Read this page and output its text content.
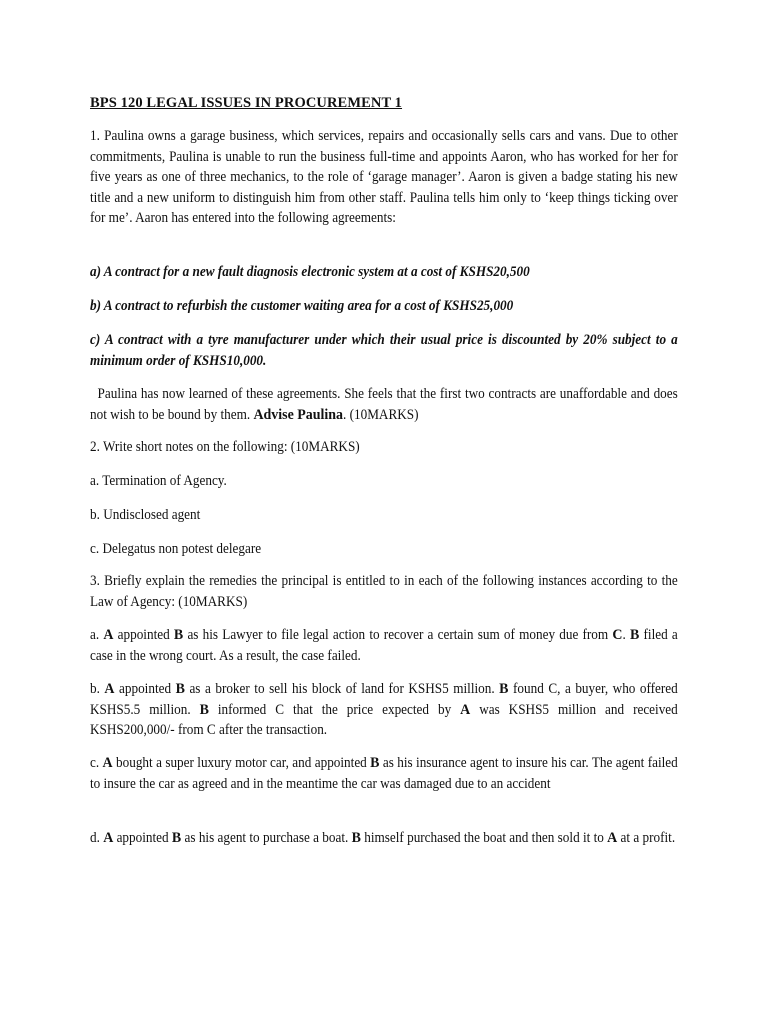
BPS 120 LEGAL ISSUES IN PROCUREMENT 1
1. Paulina owns a garage business, which services, repairs and occasionally sells cars and vans. Due to other commitments, Paulina is unable to run the business full-time and appoints Aaron, who has worked for her for five years as one of three mechanics, to the role of ‘garage manager’. Aaron is given a badge stating his new title and a new uniform to distinguish him from other staff. Paulina tells him only to ‘keep things ticking over for me’. Aaron has entered into the following agreements:
a) A contract for a new fault diagnosis electronic system at a cost of KSHS20,500
b) A contract to refurbish the customer waiting area for a cost of KSHS25,000
c) A contract with a tyre manufacturer under which their usual price is discounted by 20% subject to a minimum order of KSHS10,000.
Paulina has now learned of these agreements. She feels that the first two contracts are unaffordable and does not wish to be bound by them. Advise Paulina. (10MARKS)
2. Write short notes on the following: (10MARKS)
a. Termination of Agency.
b. Undisclosed agent
c. Delegatus non potest delegare
3. Briefly explain the remedies the principal is entitled to in each of the following instances according to the Law of Agency: (10MARKS)
a. A appointed B as his Lawyer to file legal action to recover a certain sum of money due from C. B filed a case in the wrong court. As a result, the case failed.
b. A appointed B as a broker to sell his block of land for KSHS5 million. B found C, a buyer, who offered KSHS5.5 million. B informed C that the price expected by A was KSHS5 million and received KSHS200,000/- from C after the transaction.
c. A bought a super luxury motor car, and appointed B as his insurance agent to insure his car. The agent failed to insure the car as agreed and in the meantime the car was damaged due to an accident
d. A appointed B as his agent to purchase a boat. B himself purchased the boat and then sold it to A at a profit.
